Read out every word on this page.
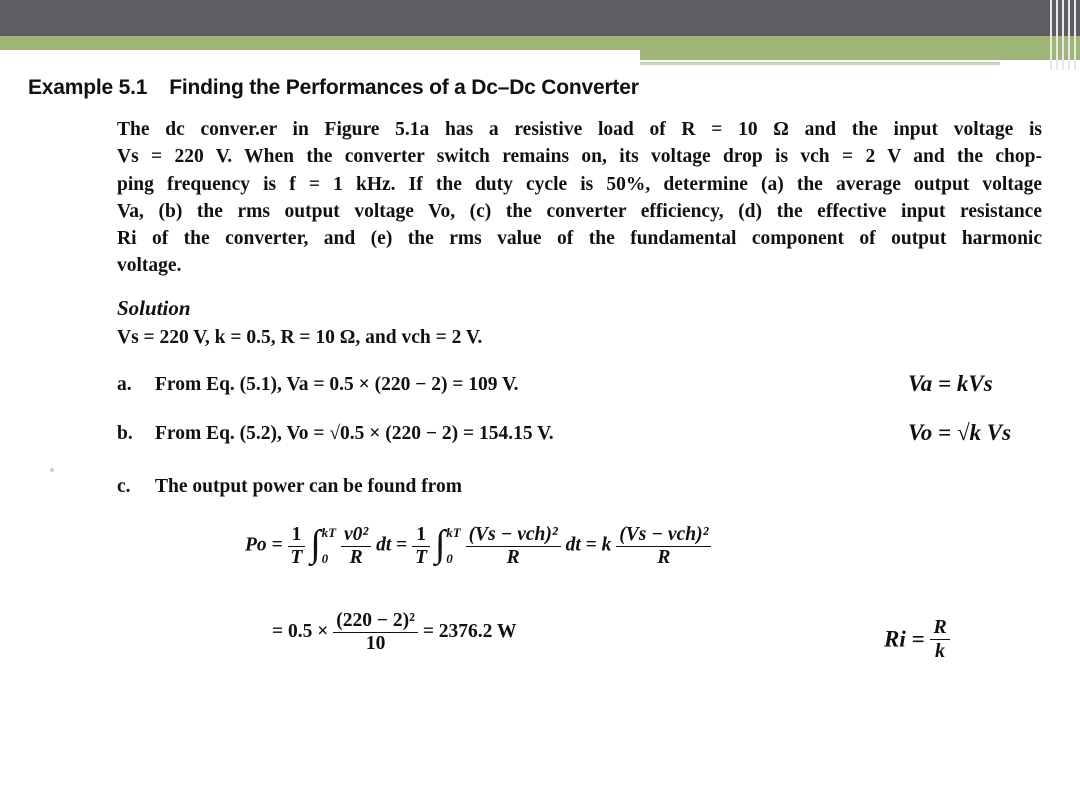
Example 5.1 Finding the Performances of a Dc–Dc Converter
The dc conver.er in Figure 5.1a has a resistive load of R = 10 Ω and the input voltage is
Vs = 220 V. When the converter switch remains on, its voltage drop is vch = 2 V and the chop-
ping frequency is f = 1 kHz. If the duty cycle is 50%, determine (a) the average output voltage
Va, (b) the rms output voltage Vo, (c) the converter efficiency, (d) the effective input resistance
Ri of the converter, and (e) the rms value of the fundamental component of output harmonic
voltage.
Solution
Vs = 220 V, k = 0.5, R = 10 Ω, and vch = 2 V.
a. From Eq. (5.1), Va = 0.5 × (220 − 2) = 109 V.
b. From Eq. (5.2), Vo = √0.5 × (220 − 2) = 154.15 V.
c. The output power can be found from
Va = kVs
Vo = √k Vs
$Po = \frac{1}{T}$ ∫ kT
0
$\frac{\text{v0²}}{R}$ dt = $\frac{1}{T}$ ∫ kT
0
$\frac{\text{(Vs − vch)²}}{R}$ dt = k $\frac{\text{(Vs − vch)²}}{R}$
= $0.5 \times \frac{\text{(220 − 2)²}}{10} = 2376.2$ W	$Ri = \frac{R}{k}$
